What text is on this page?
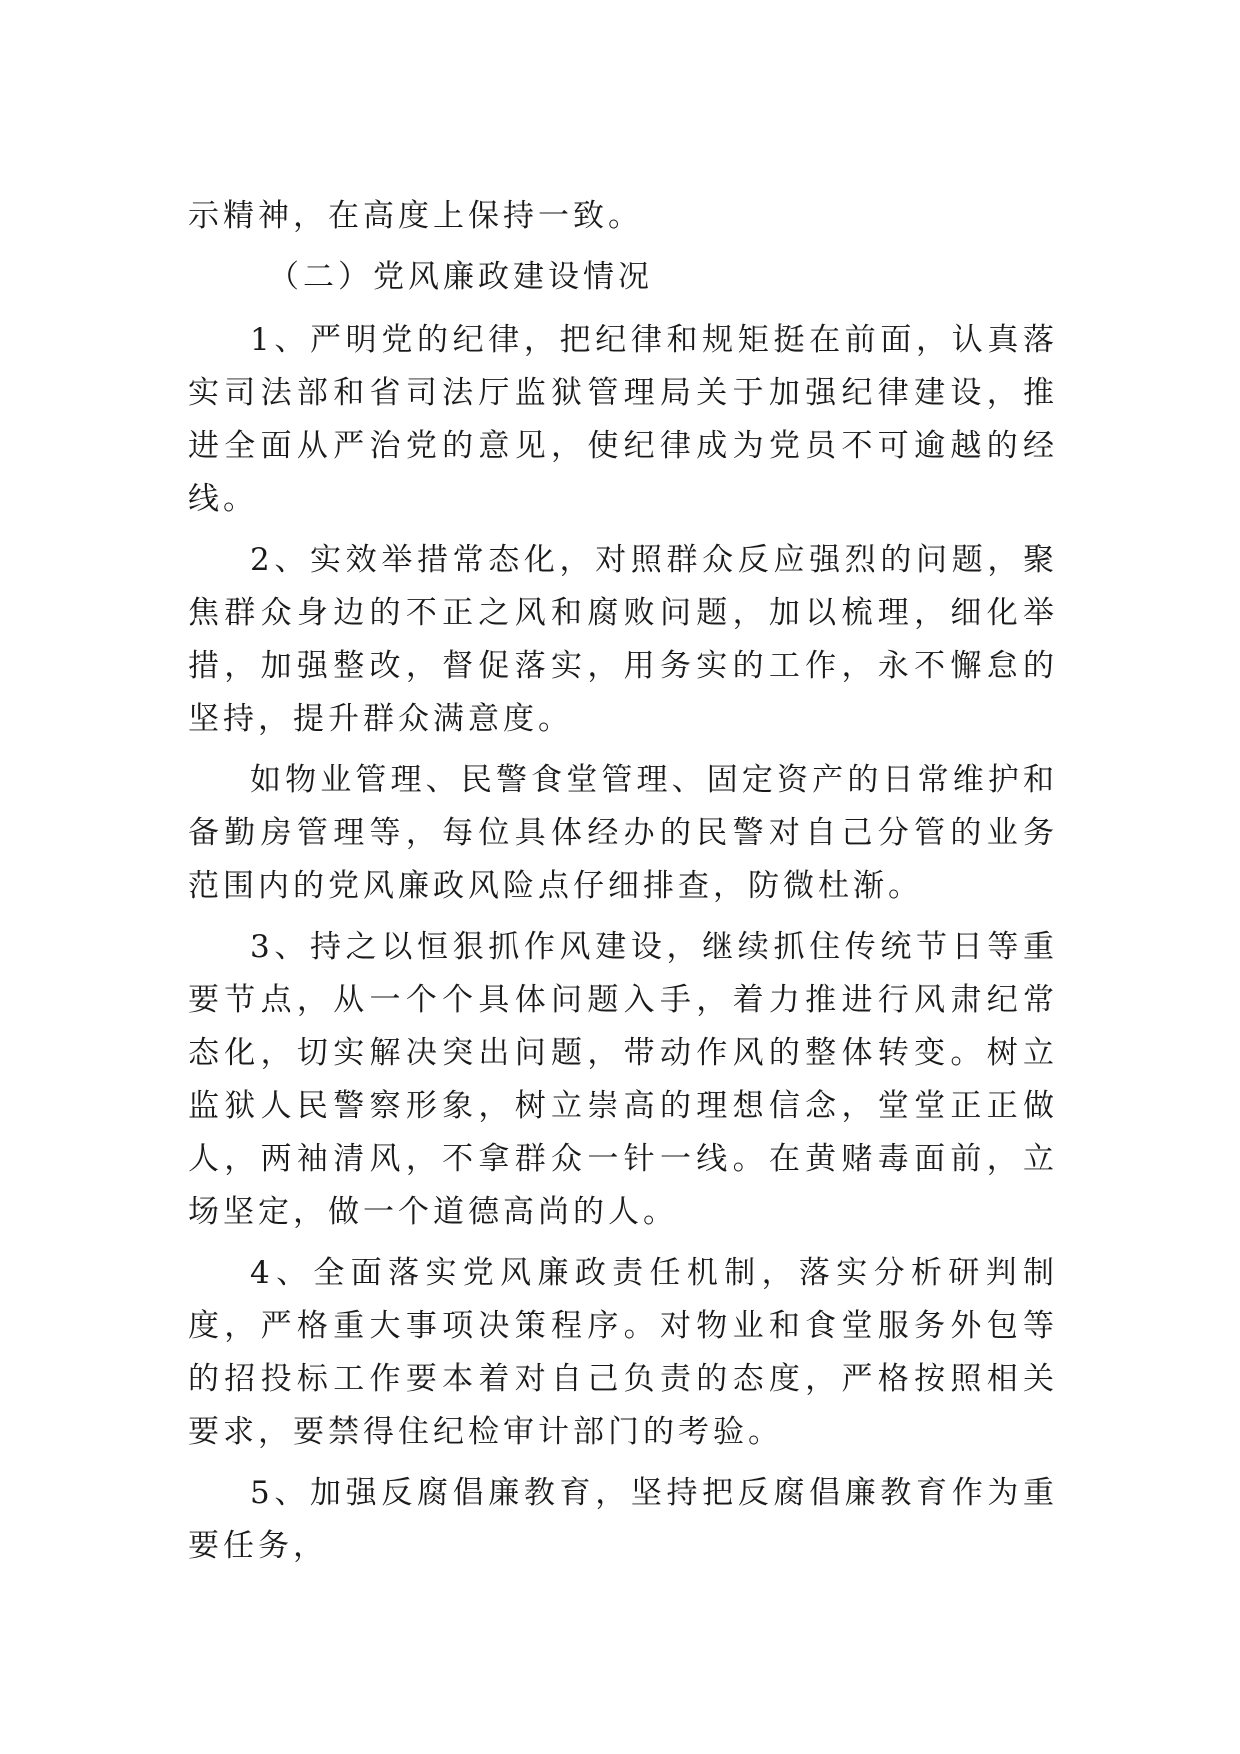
示精神，在高度上保持一致。

（二）党风廉政建设情况

1、严明党的纪律，把纪律和规矩挺在前面，认真落实司法部和省司法厅监狱管理局关于加强纪律建设，推进全面从严治党的意见，使纪律成为党员不可逾越的经线。

2、实效举措常态化，对照群众反应强烈的问题，聚焦群众身边的不正之风和腐败问题，加以梳理，细化举措，加强整改，督促落实，用务实的工作，永不懈怠的坚持，提升群众满意度。

如物业管理、民警食堂管理、固定资产的日常维护和备勤房管理等，每位具体经办的民警对自己分管的业务范围内的党风廉政风险点仔细排查，防微杜渐。

3、持之以恒狠抓作风建设，继续抓住传统节日等重要节点，从一个个具体问题入手，着力推进行风肃纪常态化，切实解决突出问题，带动作风的整体转变。树立监狱人民警察形象，树立崇高的理想信念，堂堂正正做人，两袖清风，不拿群众一针一线。在黄赌毒面前，立场坚定，做一个道德高尚的人。

4、全面落实党风廉政责任机制，落实分析研判制度，严格重大事项决策程序。对物业和食堂服务外包等的招投标工作要本着对自己负责的态度，严格按照相关要求，要禁得住纪检审计部门的考验。

5、加强反腐倡廉教育，坚持把反腐倡廉教育作为重要任务，
